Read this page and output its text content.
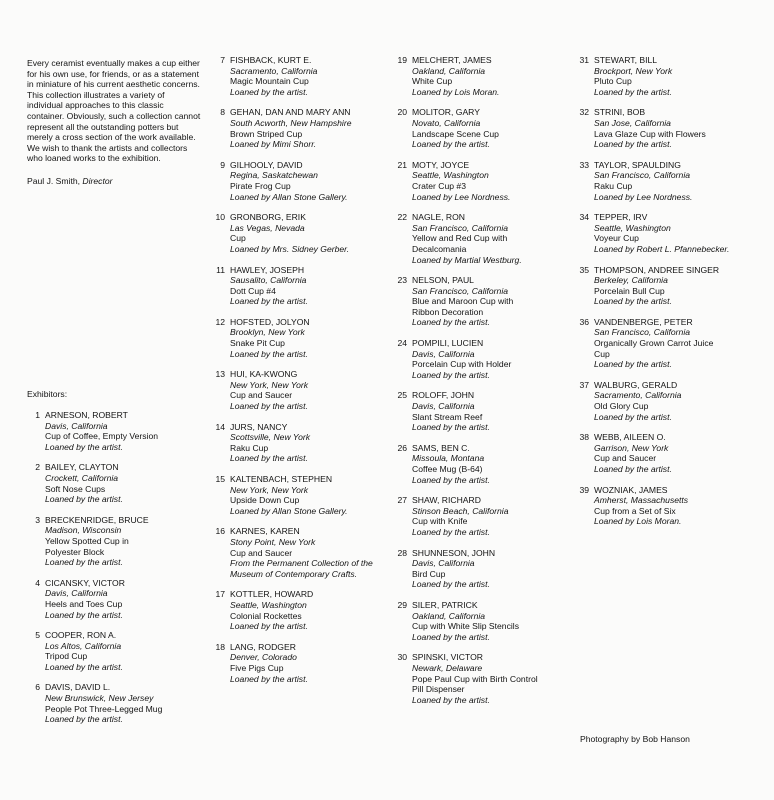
Every ceramist eventually makes a cup either for his own use, for friends, or as a statement in miniature of his current aesthetic concerns. This collection illustrates a variety of individual approaches to this classic container. Obviously, such a collection cannot represent all the outstanding potters but merely a cross section of the work available. We wish to thank the artists and collectors who loaned works to the exhibition.

Paul J. Smith, Director
Exhibitors:
1 ARNESON, ROBERT
Davis, California
Cup of Coffee, Empty Version
Loaned by the artist.
2 BAILEY, CLAYTON
Crockett, California
Soft Nose Cups
Loaned by the artist.
3 BRECKENRIDGE, BRUCE
Madison, Wisconsin
Yellow Spotted Cup in
Polyester Block
Loaned by the artist.
4 CICANSKY, VICTOR
Davis, California
Heels and Toes Cup
Loaned by the artist.
5 COOPER, RON A.
Los Altos, California
Tripod Cup
Loaned by the artist.
6 DAVIS, DAVID L.
New Brunswick, New Jersey
People Pot Three-Legged Mug
Loaned by the artist.
7 FISHBACK, KURT E.
Sacramento, California
Magic Mountain Cup
Loaned by the artist.
8 GEHAN, DAN AND MARY ANN
South Acworth, New Hampshire
Brown Striped Cup
Loaned by Mimi Shorr.
9 GILHOOLY, DAVID
Regina, Saskatchewan
Pirate Frog Cup
Loaned by Allan Stone Gallery.
10 GRONBORG, ERIK
Las Vegas, Nevada
Cup
Loaned by Mrs. Sidney Gerber.
11 HAWLEY, JOSEPH
Sausalito, California
Dott Cup #4
Loaned by the artist.
12 HOFSTED, JOLYON
Brooklyn, New York
Snake Pit Cup
Loaned by the artist.
13 HUI, KA-KWONG
New York, New York
Cup and Saucer
Loaned by the artist.
14 JURS, NANCY
Scottsville, New York
Raku Cup
Loaned by the artist.
15 KALTENBACH, STEPHEN
New York, New York
Upside Down Cup
Loaned by Allan Stone Gallery.
16 KARNES, KAREN
Stony Point, New York
Cup and Saucer
From the Permanent Collection of the Museum of Contemporary Crafts.
17 KOTTLER, HOWARD
Seattle, Washington
Colonial Rockettes
Loaned by the artist.
18 LANG, RODGER
Denver, Colorado
Five Pigs Cup
Loaned by the artist.
19 MELCHERT, JAMES
Oakland, California
White Cup
Loaned by Lois Moran.
20 MOLITOR, GARY
Novato, California
Landscape Scene Cup
Loaned by the artist.
21 MOTY, JOYCE
Seattle, Washington
Crater Cup #3
Loaned by Lee Nordness.
22 NAGLE, RON
San Francisco, California
Yellow and Red Cup with
Decalcomania
Loaned by Martial Westburg.
23 NELSON, PAUL
San Francisco, California
Blue and Maroon Cup with
Ribbon Decoration
Loaned by the artist.
24 POMPILI, LUCIEN
Davis, California
Porcelain Cup with Holder
Loaned by the artist.
25 ROLOFF, JOHN
Davis, California
Slant Stream Reef
Loaned by the artist.
26 SAMS, BEN C.
Missoula, Montana
Coffee Mug (B-64)
Loaned by the artist.
27 SHAW, RICHARD
Stinson Beach, California
Cup with Knife
Loaned by the artist.
28 SHUNNESON, JOHN
Davis, California
Bird Cup
Loaned by the artist.
29 SILER, PATRICK
Oakland, California
Cup with White Slip Stencils
Loaned by the artist.
30 SPINSKI, VICTOR
Newark, Delaware
Pope Paul Cup with Birth Control
Pill Dispenser
Loaned by the artist.
31 STEWART, BILL
Brockport, New York
Pluto Cup
Loaned by the artist.
32 STRINI, BOB
San Jose, California
Lava Glaze Cup with Flowers
Loaned by the artist.
33 TAYLOR, SPAULDING
San Francisco, California
Raku Cup
Loaned by Lee Nordness.
34 TEPPER, IRV
Seattle, Washington
Voyeur Cup
Loaned by Robert L. Pfannebecker.
35 THOMPSON, ANDREE SINGER
Berkeley, California
Porcelain Bull Cup
Loaned by the artist.
36 VANDENBERGE, PETER
San Francisco, California
Organically Grown Carrot Juice
Cup
Loaned by the artist.
37 WALBURG, GERALD
Sacramento, California
Old Glory Cup
Loaned by the artist.
38 WEBB, AILEEN O.
Garrison, New York
Cup and Saucer
Loaned by the artist.
39 WOZNIAK, JAMES
Amherst, Massachusetts
Cup from a Set of Six
Loaned by Lois Moran.
Photography by Bob Hanson
